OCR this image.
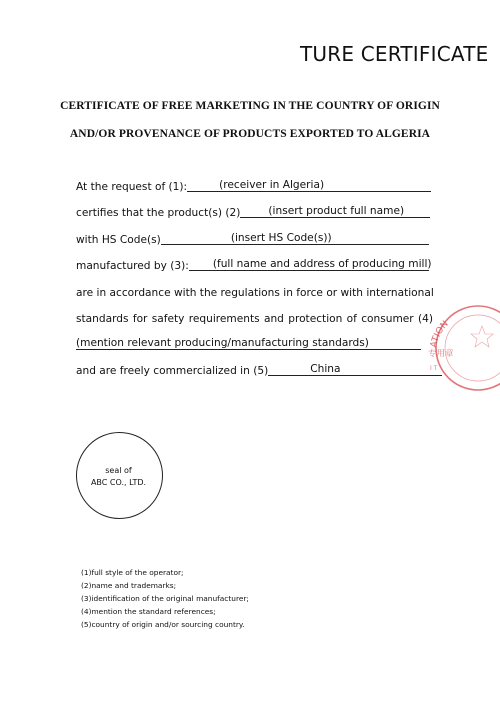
TURE CERTIFICATE
CERTIFICATE OF FREE MARKETING IN THE COUNTRY OF ORIGIN
AND/OR PROVENANCE OF PRODUCTS EXPORTED TO ALGERIA
At the request of (1):	(receiver in Algeria)
certifies that the product(s) (2)	(insert product full name)
with HS Code(s)	(insert HS Code(s))
manufactured by (3): (full name and address of producing mill)
are in accordance with the regulations in force or with international
standards for safety requirements and protection of consumer (4)
(mention relevant producing/manufacturing standards)
and are freely commercialized in (5)	China
ATION
专用章
I T
seal of
ABC CO., LTD.
(1)full style of the operator;
(2)name and trademarks;
(3)identification of the original manufacturer;
(4)mention the standard references;
(5)country of origin and/or sourcing country.
